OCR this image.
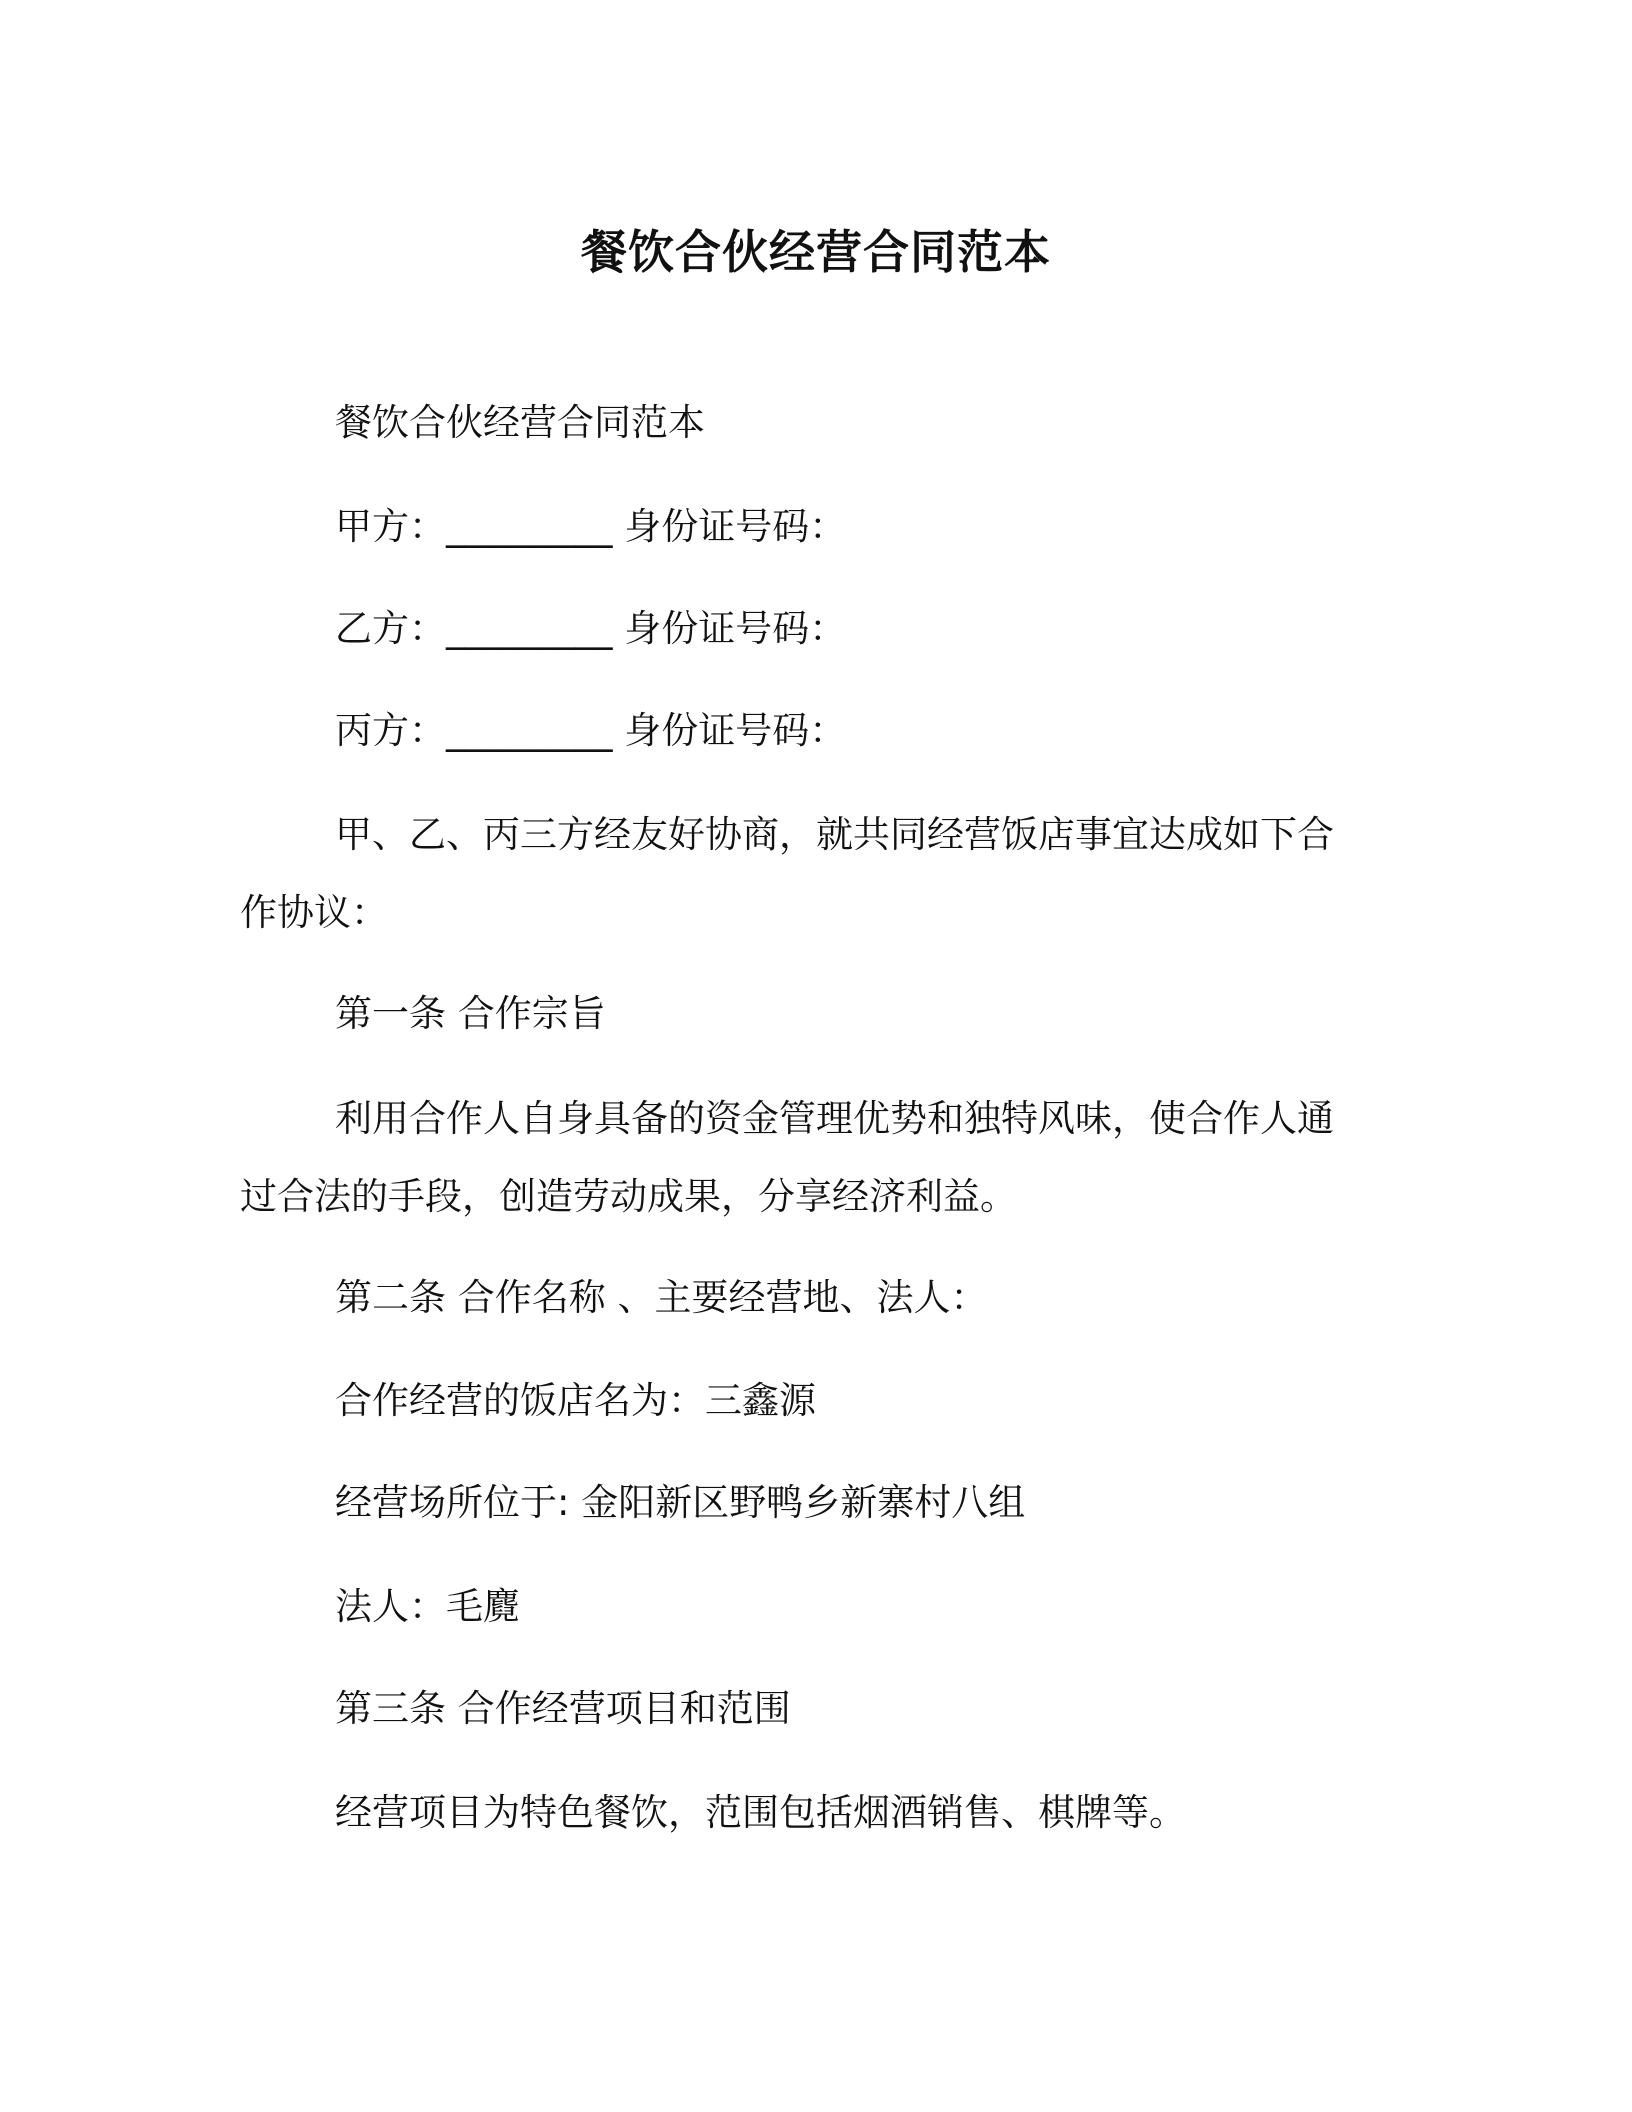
餐饮合伙经营合同范本

餐饮合伙经营合同范本

甲方：_________ 身份证号码：

乙方：_________ 身份证号码：

丙方：_________ 身份证号码：

甲、乙、丙三方经友好协商，就共同经营饭店事宜达成如下合作协议：

第一条 合作宗旨

利用合作人自身具备的资金管理优势和独特风味，使合作人通过合法的手段，创造劳动成果，分享经济利益。

第二条 合作名称 、主要经营地、法人：

合作经营的饭店名为：三鑫源

经营场所位于: 金阳新区野鸭乡新寨村八组

法人：毛麑

第三条 合作经营项目和范围

经营项目为特色餐饮，范围包括烟酒销售、棋牌等。
